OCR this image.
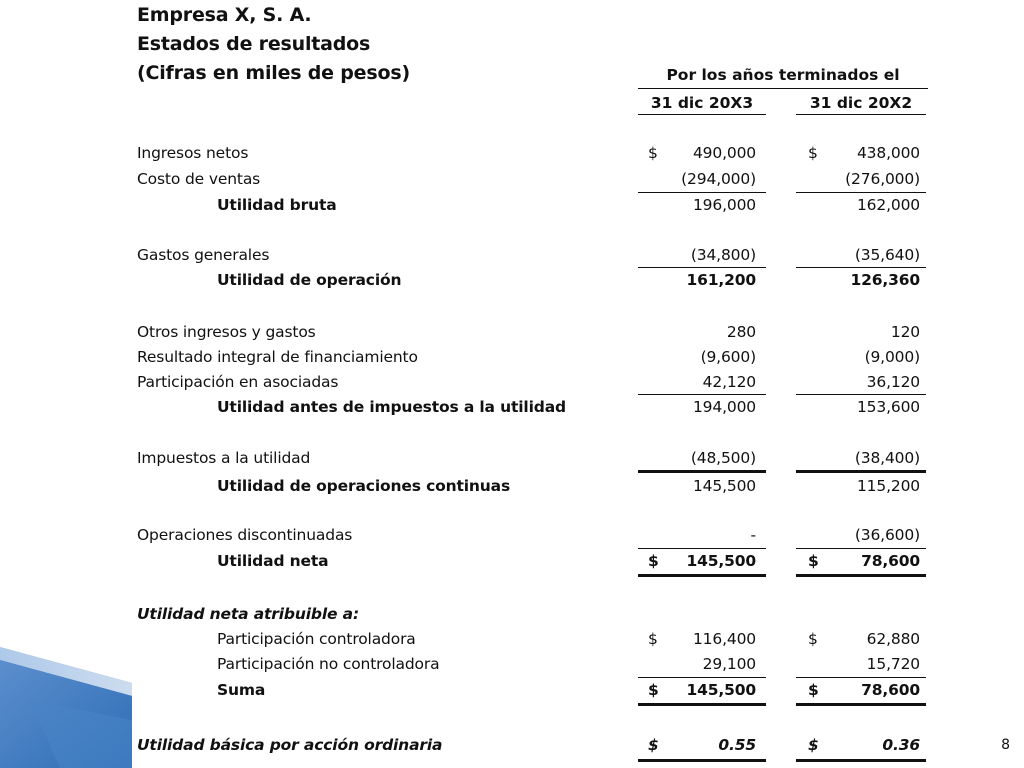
Empresa X, S. A.
Estados de resultados
(Cifras en miles de pesos)	Por los años terminados el
31 dic 20X3	31 dic 20X2
Ingresos netos	$	490,000	$	438,000
Costo de ventas	(294,000)	(276,000)
Utilidad bruta	196,000	162,000
Gastos generales	(34,800)	(35,640)
Utilidad de operación	161,200	126,360
Otros ingresos y gastos	280	120
Resultado integral de financiamiento	(9,600)	(9,000)
Participación en asociadas	42,120	36,120
Utilidad antes de impuestos a la utilidad	194,000	153,600
Impuestos a la utilidad	(48,500)	(38,400)
Utilidad de operaciones continuas	145,500	115,200
Operaciones discontinuadas	-	(36,600)
Utilidad neta	$	145,500	$	78,600
Utilidad neta atribuible a:
Participación controladora	$	116,400	$	62,880
Participación no controladora	29,100	15,720
Suma	$	145,500	$	78,600
Utilidad básica por acción ordinaria	$	0.55	$	0.36	8
